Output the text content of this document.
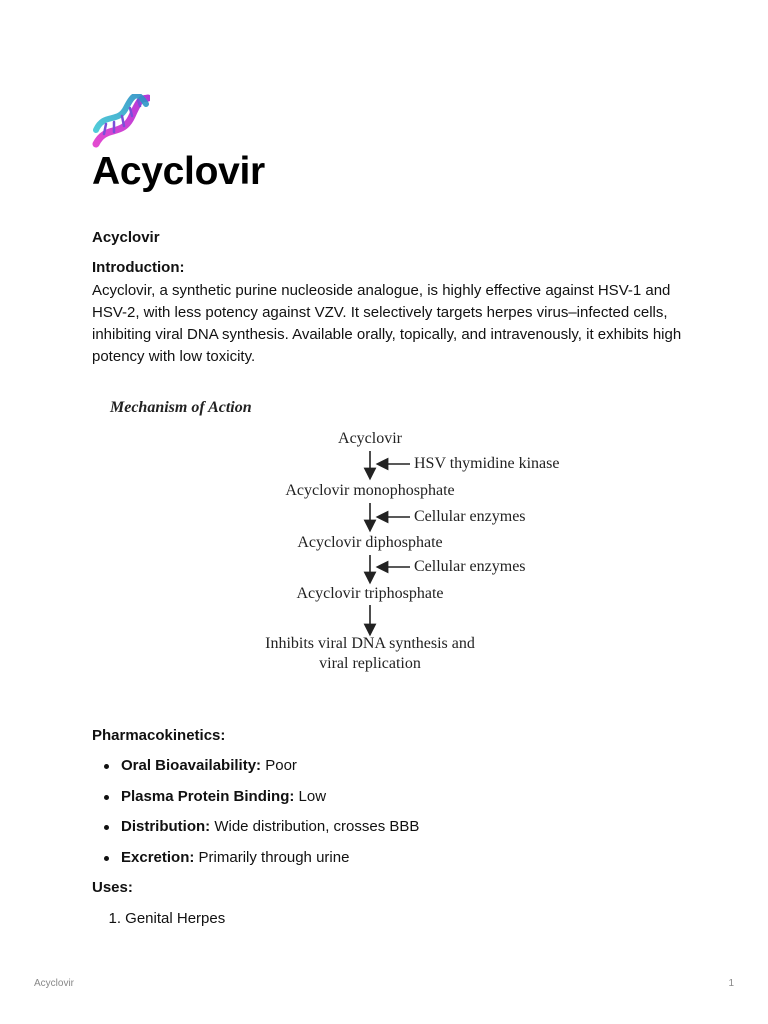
Acyclovir

Acyclovir

Introduction:

Acyclovir, a synthetic purine nucleoside analogue, is highly effective against HSV-1 and HSV-2, with less potency against VZV. It selectively targets herpes virus–infected cells, inhibiting viral DNA synthesis. Available orally, topically, and intravenously, it exhibits high potency with low toxicity.

Mechanism of Action
Acyclovir
Acyclovir monophosphate
Acyclovir diphosphate
Acyclovir triphosphate
Inhibits viral DNA synthesis and
viral replication
HSV thymidine kinase
Cellular enzymes
Cellular enzymes

Pharmacokinetics:

Oral Bioavailability: Poor
Plasma Protein Binding: Low
Distribution: Wide distribution, crosses BBB
Excretion: Primarily through urine

Uses:

1. Genital Herpes
Acyclovir	1
